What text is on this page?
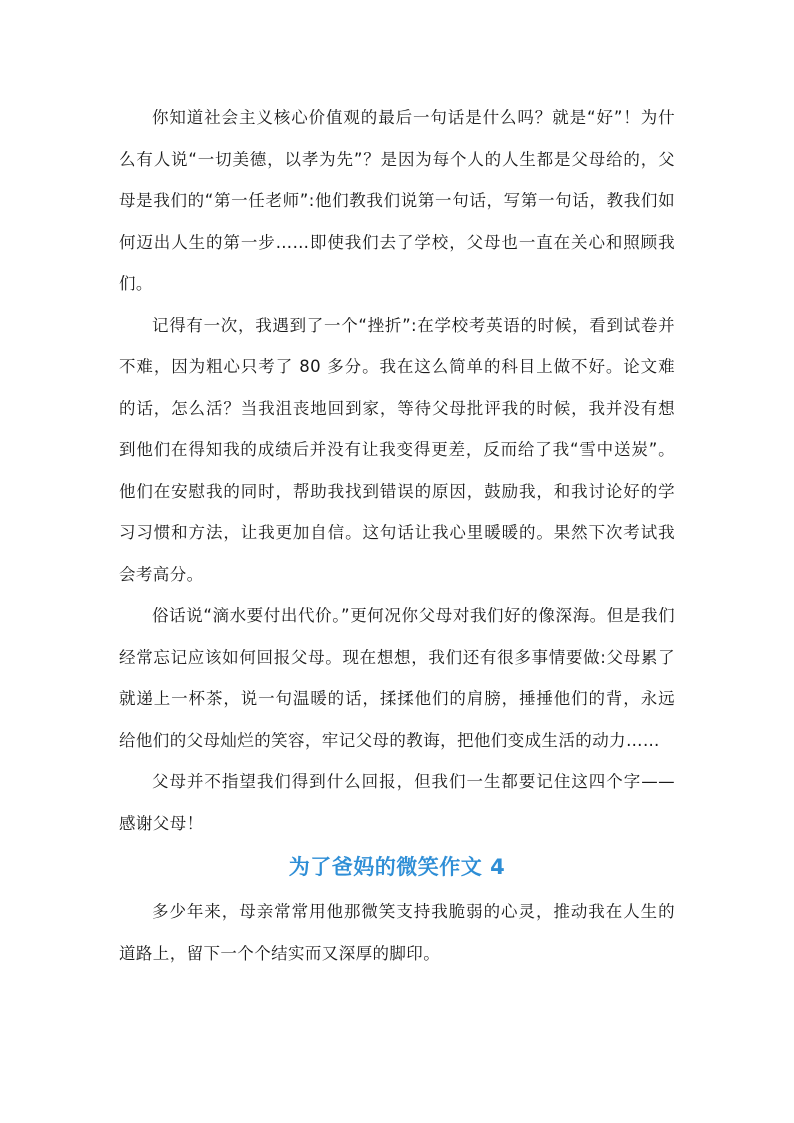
你知道社会主义核心价值观的最后一句话是什么吗？就是“好”！为什么有人说“一切美德，以孝为先”？是因为每个人的人生都是父母给的，父母是我们的“第一任老师”:他们教我们说第一句话，写第一句话，教我们如何迈出人生的第一步……即使我们去了学校，父母也一直在关心和照顾我们。

记得有一次，我遇到了一个“挫折”:在学校考英语的时候，看到试卷并不难，因为粗心只考了 80 多分。我在这么简单的科目上做不好。论文难的话，怎么活？当我沮丧地回到家，等待父母批评我的时候，我并没有想到他们在得知我的成绩后并没有让我变得更差，反而给了我“雪中送炭”。他们在安慰我的同时，帮助我找到错误的原因，鼓励我，和我讨论好的学习习惯和方法，让我更加自信。这句话让我心里暖暖的。果然下次考试我会考高分。

俗话说“滴水要付出代价。”更何况你父母对我们好的像深海。但是我们经常忘记应该如何回报父母。现在想想，我们还有很多事情要做:父母累了就递上一杯茶，说一句温暖的话，揉揉他们的肩膀，捶捶他们的背，永远给他们的父母灿烂的笑容，牢记父母的教诲，把他们变成生活的动力……

父母并不指望我们得到什么回报，但我们一生都要记住这四个字——感谢父母！

为了爸妈的微笑作文 4

多少年来，母亲常常用他那微笑支持我脆弱的心灵，推动我在人生的道路上，留下一个个结实而又深厚的脚印。
